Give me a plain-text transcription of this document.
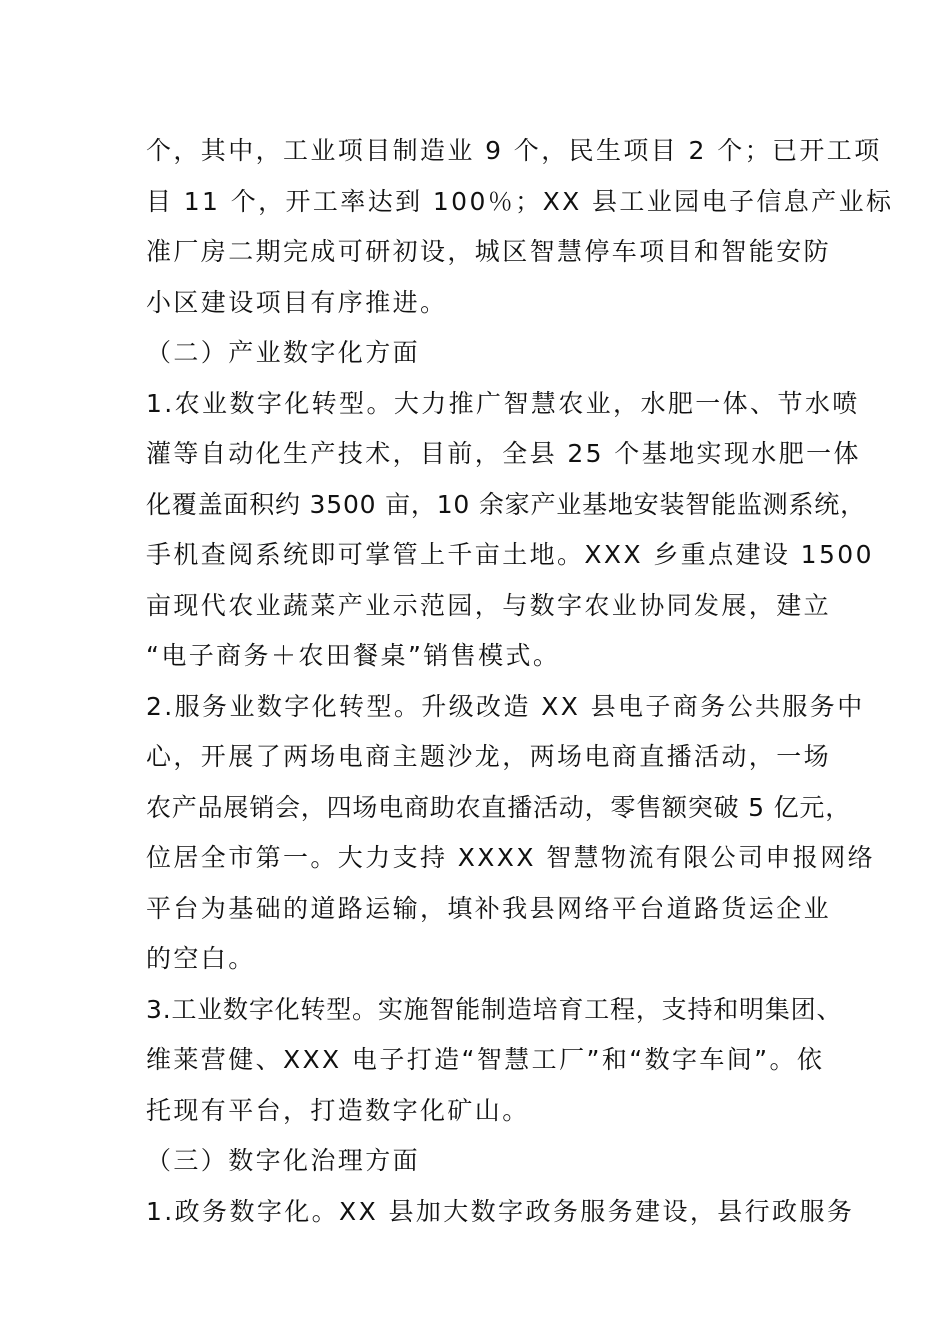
个，其中，工业项目制造业 9 个，民生项目 2 个；已开工项
目 11 个，开工率达到 100％；XX 县工业园电子信息产业标
准厂房二期完成可研初设，城区智慧停车项目和智能安防
小区建设项目有序推进。
（二）产业数字化方面
1.农业数字化转型。大力推广智慧农业，水肥一体、节水喷
灌等自动化生产技术，目前，全县 25 个基地实现水肥一体
化覆盖面积约 3500 亩，10 余家产业基地安装智能监测系统，
手机查阅系统即可掌管上千亩土地。XXX 乡重点建设 1500
亩现代农业蔬菜产业示范园，与数字农业协同发展，建立
“电子商务＋农田餐桌”销售模式。
2.服务业数字化转型。升级改造 XX 县电子商务公共服务中
心，开展了两场电商主题沙龙，两场电商直播活动，一场
农产品展销会，四场电商助农直播活动，零售额突破 5 亿元，
位居全市第一。大力支持 XXXX 智慧物流有限公司申报网络
平台为基础的道路运输，填补我县网络平台道路货运企业
的空白。
3.工业数字化转型。实施智能制造培育工程，支持和明集团、
维莱营健、XXX 电子打造“智慧工厂”和“数字车间”。依
托现有平台，打造数字化矿山。
（三）数字化治理方面
1.政务数字化。XX 县加大数字政务服务建设，县行政服务
